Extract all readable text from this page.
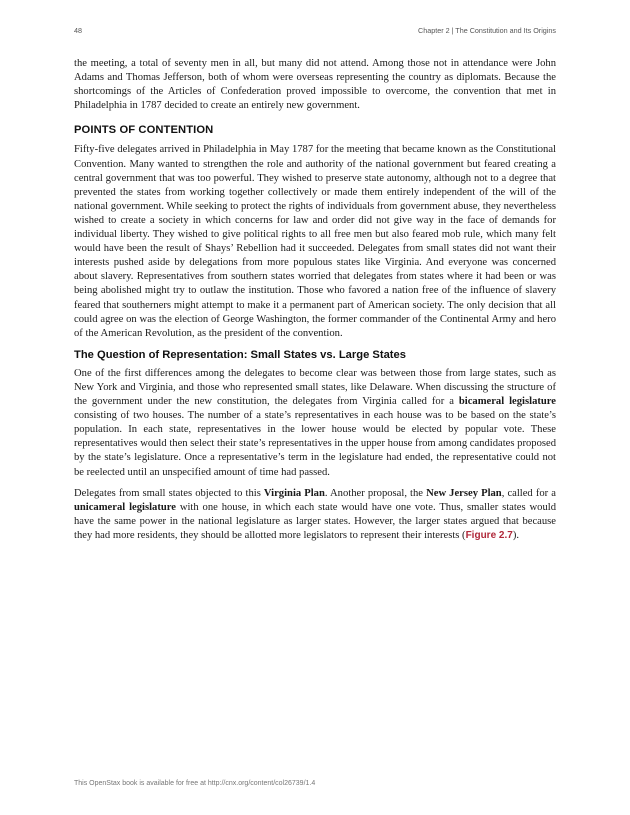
48	Chapter 2 | The Constitution and Its Origins

the meeting, a total of seventy men in all, but many did not attend. Among those not in attendance were John Adams and Thomas Jefferson, both of whom were overseas representing the country as diplomats. Because the shortcomings of the Articles of Confederation proved impossible to overcome, the convention that met in Philadelphia in 1787 decided to create an entirely new government.

POINTS OF CONTENTION

Fifty-five delegates arrived in Philadelphia in May 1787 for the meeting that became known as the Constitutional Convention. Many wanted to strengthen the role and authority of the national government but feared creating a central government that was too powerful. They wished to preserve state autonomy, although not to a degree that prevented the states from working together collectively or made them entirely independent of the will of the national government. While seeking to protect the rights of individuals from government abuse, they nevertheless wished to create a society in which concerns for law and order did not give way in the face of demands for individual liberty. They wished to give political rights to all free men but also feared mob rule, which many felt would have been the result of Shays’ Rebellion had it succeeded. Delegates from small states did not want their interests pushed aside by delegations from more populous states like Virginia. And everyone was concerned about slavery. Representatives from southern states worried that delegates from states where it had been or was being abolished might try to outlaw the institution. Those who favored a nation free of the influence of slavery feared that southerners might attempt to make it a permanent part of American society. The only decision that all could agree on was the election of George Washington, the former commander of the Continental Army and hero of the American Revolution, as the president of the convention.

The Question of Representation: Small States vs. Large States

One of the first differences among the delegates to become clear was between those from large states, such as New York and Virginia, and those who represented small states, like Delaware. When discussing the structure of the government under the new constitution, the delegates from Virginia called for a bicameral legislature consisting of two houses. The number of a state’s representatives in each house was to be based on the state’s population. In each state, representatives in the lower house would be elected by popular vote. These representatives would then select their state’s representatives in the upper house from among candidates proposed by the state’s legislature. Once a representative’s term in the legislature had ended, the representative could not be reelected until an unspecified amount of time had passed.

Delegates from small states objected to this Virginia Plan. Another proposal, the New Jersey Plan, called for a unicameral legislature with one house, in which each state would have one vote. Thus, smaller states would have the same power in the national legislature as larger states. However, the larger states argued that because they had more residents, they should be allotted more legislators to represent their interests (Figure 2.7).

This OpenStax book is available for free at http://cnx.org/content/col26739/1.4
